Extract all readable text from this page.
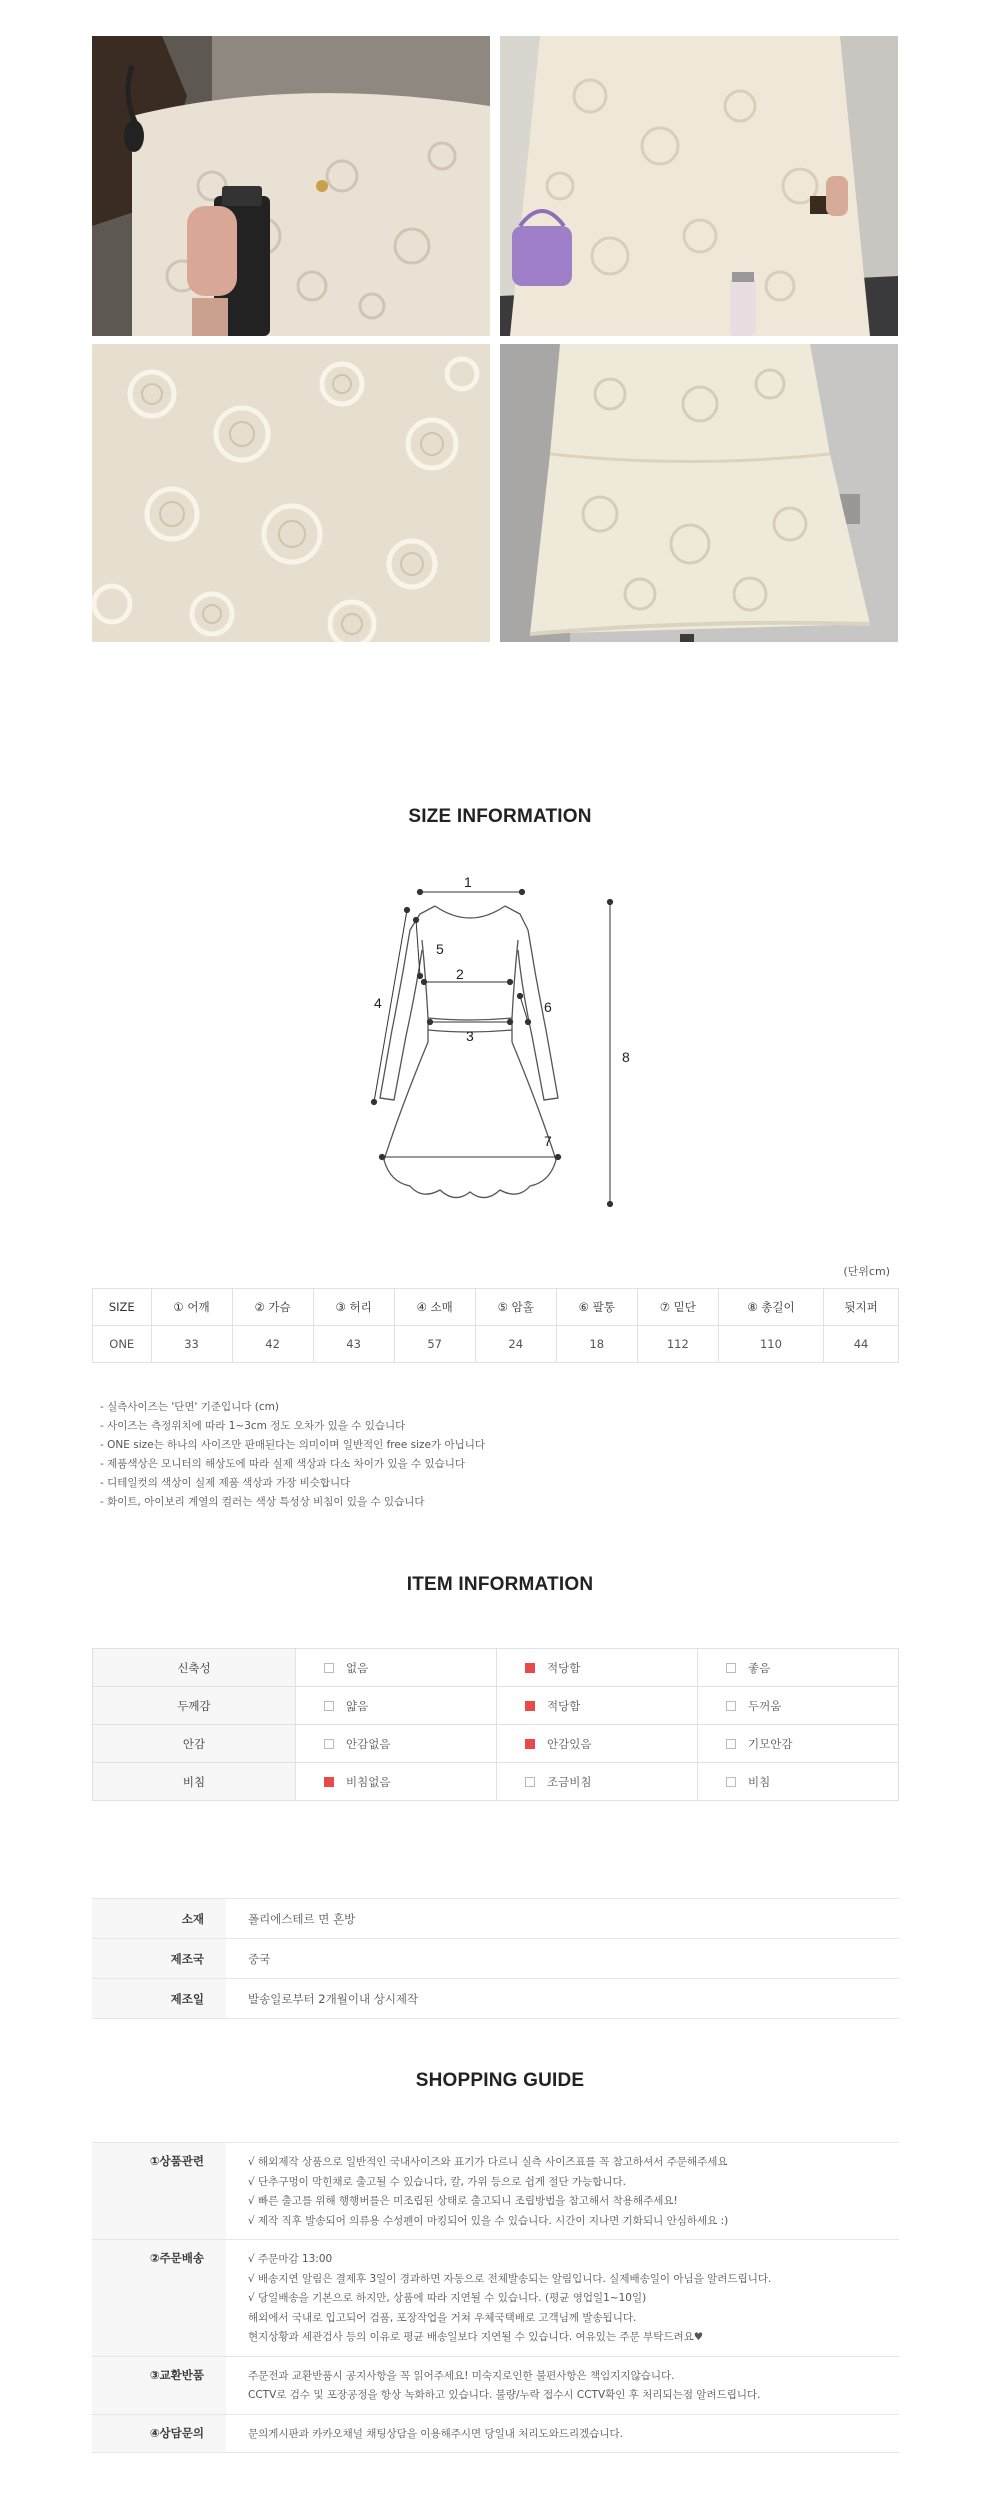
SIZE INFORMATION
1
2
3
4
5
6
7
8
(단위cm)
SIZE	① 어깨	② 가슴	③ 허리	④ 소매	⑤ 암홀	⑥ 팔통	⑦ 밑단	⑧ 총길이	뒷지퍼
ONE	33	42	43	57	24	18	112	110	44
- 실측사이즈는 '단면' 기준입니다 (cm)
- 사이즈는 측정위치에 따라 1~3cm 정도 오차가 있을 수 있습니다
- ONE size는 하나의 사이즈만 판매된다는 의미이며 일반적인 free size가 아닙니다
- 제품색상은 모니터의 해상도에 따라 실제 색상과 다소 차이가 있을 수 있습니다
- 디테일컷의 색상이 실제 제품 색상과 가장 비슷합니다
- 화이트, 아이보리 계열의 컬러는 색상 특성상 비침이 있을 수 있습니다
ITEM INFORMATION
신축성	없음	적당함	좋음
두께감	얇음	적당함	두꺼움
안감	안감없음	안감있음	기모안감
비침	비침없음	조금비침	비침
소재	폴리에스테르 면 혼방
제조국	중국
제조일	발송일로부터 2개월이내 상시제작
SHOPPING GUIDE
①상품관련	√ 해외제작 상품으로 일반적인 국내사이즈와 표기가 다르니 실측 사이즈표를 꼭 참고하셔서 주문해주세요
√ 단추구멍이 막힌채로 출고될 수 있습니다, 칼, 가위 등으로 쉽게 절단 가능합니다.
√ 빠른 출고를 위해 행행버를은 미조립된 상태로 출고되니 조립방법을 참고해서 착용해주세요!
√ 제작 직후 발송되어 의류용 수성펜이 마킹되어 있을 수 있습니다. 시간이 지나면 기화되니 안심하세요 :)
②주문배송	√ 주문마감 13:00
√ 배송지연 알림은 결제후 3일이 경과하면 자동으로 전체발송되는 알림입니다. 실제배송일이 아님을 알려드립니다.
√ 당일배송을 기본으로 하지만, 상품에 따라 지연될 수 있습니다. (평균 영업일1~10일)
해외에서 국내로 입고되어 검품, 포장작업을 거쳐 우체국택배로 고객님께 발송됩니다.
현지상황과 세관검사 등의 이유로 평균 배송일보다 지연될 수 있습니다. 여유있는 주문 부탁드려요♥
③교환반품	주문전과 교환반품시 공지사항을 꼭 읽어주세요! 미숙지로인한 불편사항은 책임지지않습니다.
CCTV로 검수 및 포장공정을 항상 녹화하고 있습니다. 불량/누락 접수시 CCTV확인 후 처리되는점 알려드립니다.
④상담문의	문의게시판과 카카오채널 채팅상담을 이용해주시면 당일내 처리도와드리겠습니다.
